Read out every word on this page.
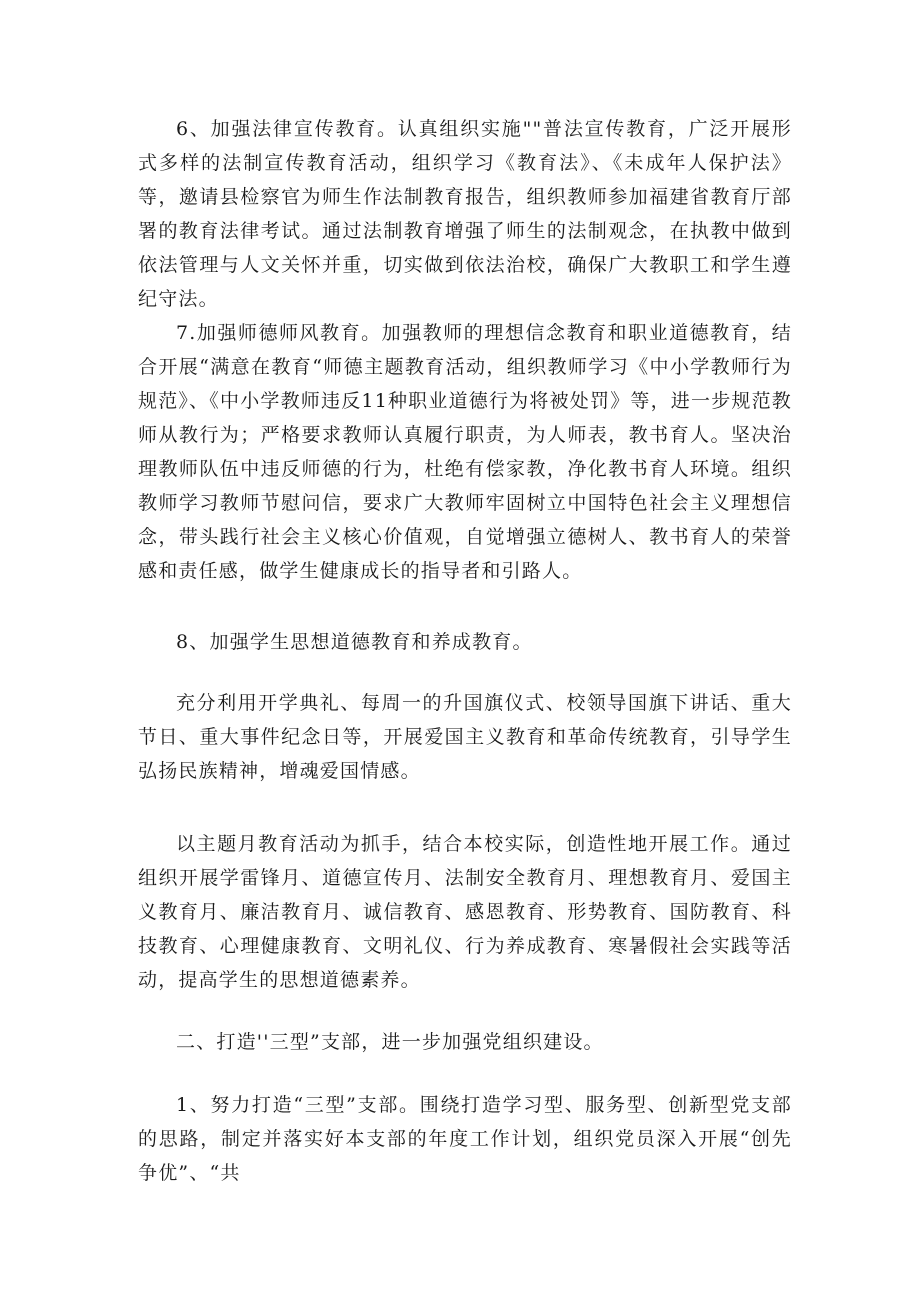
6、加强法律宣传教育。认真组织实施""普法宣传教育，广泛开展形式多样的法制宣传教育活动，组织学习《教育法》、《未成年人保护法》等，邀请县检察官为师生作法制教育报告，组织教师参加福建省教育厅部署的教育法律考试。通过法制教育增强了师生的法制观念，在执教中做到依法管理与人文关怀并重，切实做到依法治校，确保广大教职工和学生遵纪守法。

7.加强师德师风教育。加强教师的理想信念教育和职业道德教育，结合开展“满意在教育“师德主题教育活动，组织教师学习《中小学教师行为规范》、《中小学教师违反11种职业道德行为将被处罚》等，进一步规范教师从教行为；严格要求教师认真履行职责，为人师表，教书育人。坚决治理教师队伍中违反师德的行为，杜绝有偿家教，净化教书育人环境。组织教师学习教师节慰问信，要求广大教师牢固树立中国特色社会主义理想信念，带头践行社会主义核心价值观，自觉增强立德树人、教书育人的荣誉感和责任感，做学生健康成长的指导者和引路人。

8、加强学生思想道德教育和养成教育。

充分利用开学典礼、每周一的升国旗仪式、校领导国旗下讲话、重大节日、重大事件纪念日等，开展爱国主义教育和革命传统教育，引导学生弘扬民族精神，增魂爱国情感。

以主题月教育活动为抓手，结合本校实际，创造性地开展工作。通过组织开展学雷锋月、道德宣传月、法制安全教育月、理想教育月、爱国主义教育月、廉洁教育月、诚信教育、感恩教育、形势教育、国防教育、科技教育、心理健康教育、文明礼仪、行为养成教育、寒暑假社会实践等活动，提高学生的思想道德素养。

二、打造''三型”支部，进一步加强党组织建设。

1、努力打造“三型”支部。围绕打造学习型、服务型、创新型党支部的思路，制定并落实好本支部的年度工作计划，组织党员深入开展“创先争优”、“共
